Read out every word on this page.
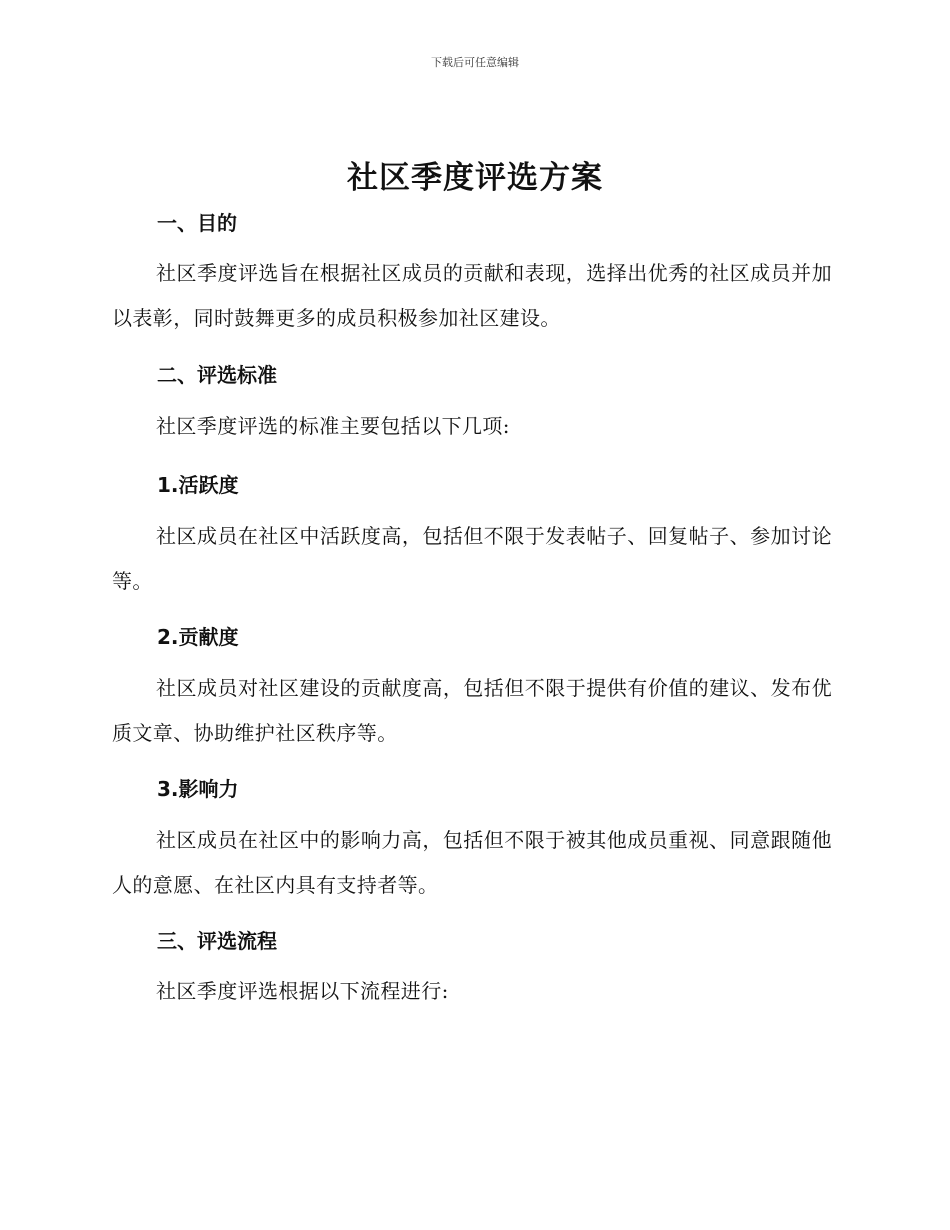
下载后可任意编辑
社区季度评选方案
一、目的
社区季度评选旨在根据社区成员的贡献和表现，选择出优秀的社区成员并加以表彰，同时鼓舞更多的成员积极参加社区建设。
二、评选标准
社区季度评选的标准主要包括以下几项:
1.活跃度
社区成员在社区中活跃度高，包括但不限于发表帖子、回复帖子、参加讨论等。
2.贡献度
社区成员对社区建设的贡献度高，包括但不限于提供有价值的建议、发布优质文章、协助维护社区秩序等。
3.影响力
社区成员在社区中的影响力高，包括但不限于被其他成员重视、同意跟随他人的意愿、在社区内具有支持者等。
三、评选流程
社区季度评选根据以下流程进行:
